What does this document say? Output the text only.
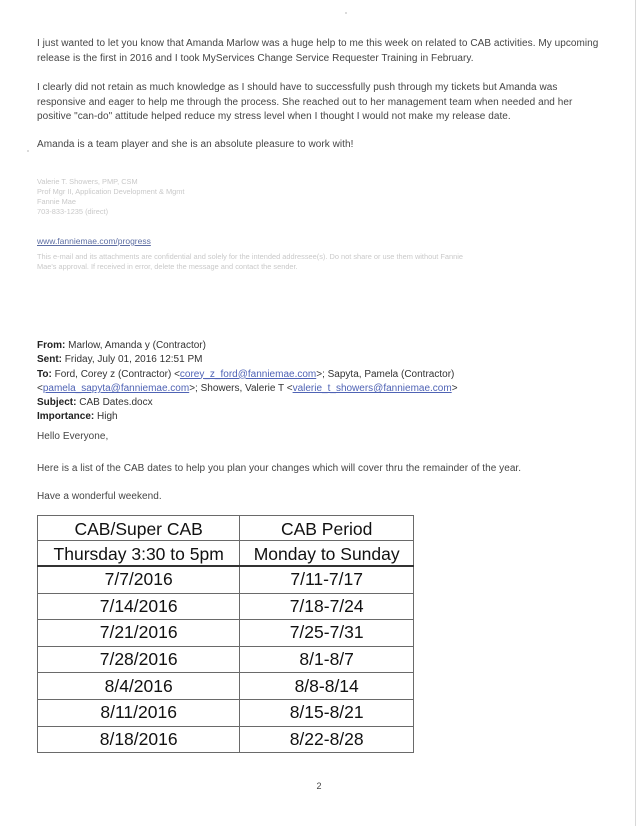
I just wanted to let you know that Amanda Marlow was a huge help to me this week on related to CAB activities. My upcoming release is the first in 2016 and I took MyServices Change Service Requester Training in February.

I clearly did not retain as much knowledge as I should have to successfully push through my tickets but Amanda was responsive and eager to help me through the process. She reached out to her management team when needed and her positive "can-do" attitude helped reduce my stress level when I thought I would not make my release date.

Amanda is a team player and she is an absolute pleasure to work with!

Valerie T. Showers, PMP, CSM
Prof Mgr II, Application Development & Mgmt
Fannie Mae
703-833-1235 (direct)

www.fanniemae.com/progress

This e-mail and its attachments are confidential and solely for the intended addressee(s). Do not share or use them without Fannie
Mae's approval. If received in error, delete the message and contact the sender.

From: Marlow, Amanda y (Contractor)

Sent: Friday, July 01, 2016 12:51 PM

To: Ford, Corey z (Contractor) <corey_z_ford@fanniemae.com>; Sapyta, Pamela (Contractor)

<pamela_sapyta@fanniemae.com>; Showers, Valerie T <valerie_t_showers@fanniemae.com>

Subject: CAB Dates.docx

Importance: High

Hello Everyone,

Here is a list of the CAB dates to help you plan your changes which will cover thru the remainder of the year.

Have a wonderful weekend.

CAB/Super CAB	CAB Period

Thursday 3:30 to 5pm	Monday to Sunday

7/7/2016	7/11-7/17
7/14/2016	7/18-7/24
7/21/2016	7/25-7/31
7/28/2016	8/1-8/7
8/4/2016	8/8-8/14
8/11/2016	8/15-8/21
8/18/2016	8/22-8/28
2
